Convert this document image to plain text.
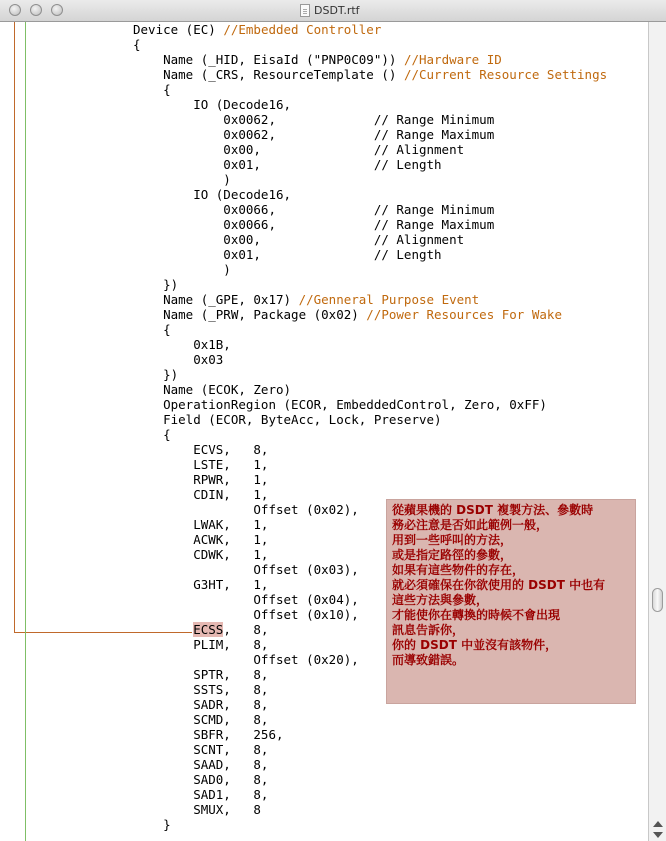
DSDT.rtf
Device (EC) //Embedded Controller
{
Name (_HID, EisaId ("PNP0C09")) //Hardware ID
Name (_CRS, ResourceTemplate () //Current Resource Settings
{
IO (Decode16,
0x0062,             // Range Minimum
0x0062,             // Range Maximum
0x00,               // Alignment
0x01,               // Length
)
IO (Decode16,
0x0066,             // Range Minimum
0x0066,             // Range Maximum
0x00,               // Alignment
0x01,               // Length
)
})
Name (_GPE, 0x17) //Genneral Purpose Event
Name (_PRW, Package (0x02) //Power Resources For Wake
{
0x1B,
0x03
})
Name (ECOK, Zero)
OperationRegion (ECOR, EmbeddedControl, Zero, 0xFF)
Field (ECOR, ByteAcc, Lock, Preserve)
{
ECVS,   8,
LSTE,   1,
RPWR,   1,
CDIN,   1,
Offset (0x02),
LWAK,   1,
ACWK,   1,
CDWK,   1,
Offset (0x03),
G3HT,   1,
Offset (0x04),
Offset (0x10),
ECSS,   8,
PLIM,   8,
Offset (0x20),
SPTR,   8,
SSTS,   8,
SADR,   8,
SCMD,   8,
SBFR,   256,
SCNT,   8,
SAAD,   8,
SAD0,   8,
SAD1,   8,
SMUX,   8
}
從蘋果機的 DSDT 複製方法、參數時
務必注意是否如此範例一般，
用到一些呼叫的方法，
或是指定路徑的參數，
如果有這些物件的存在，
就必須確保在你欲使用的 DSDT 中也有
這些方法與參數，
才能使你在轉換的時候不會出現
訊息告訴你，
你的 DSDT 中並沒有該物件，
而導致錯誤。
